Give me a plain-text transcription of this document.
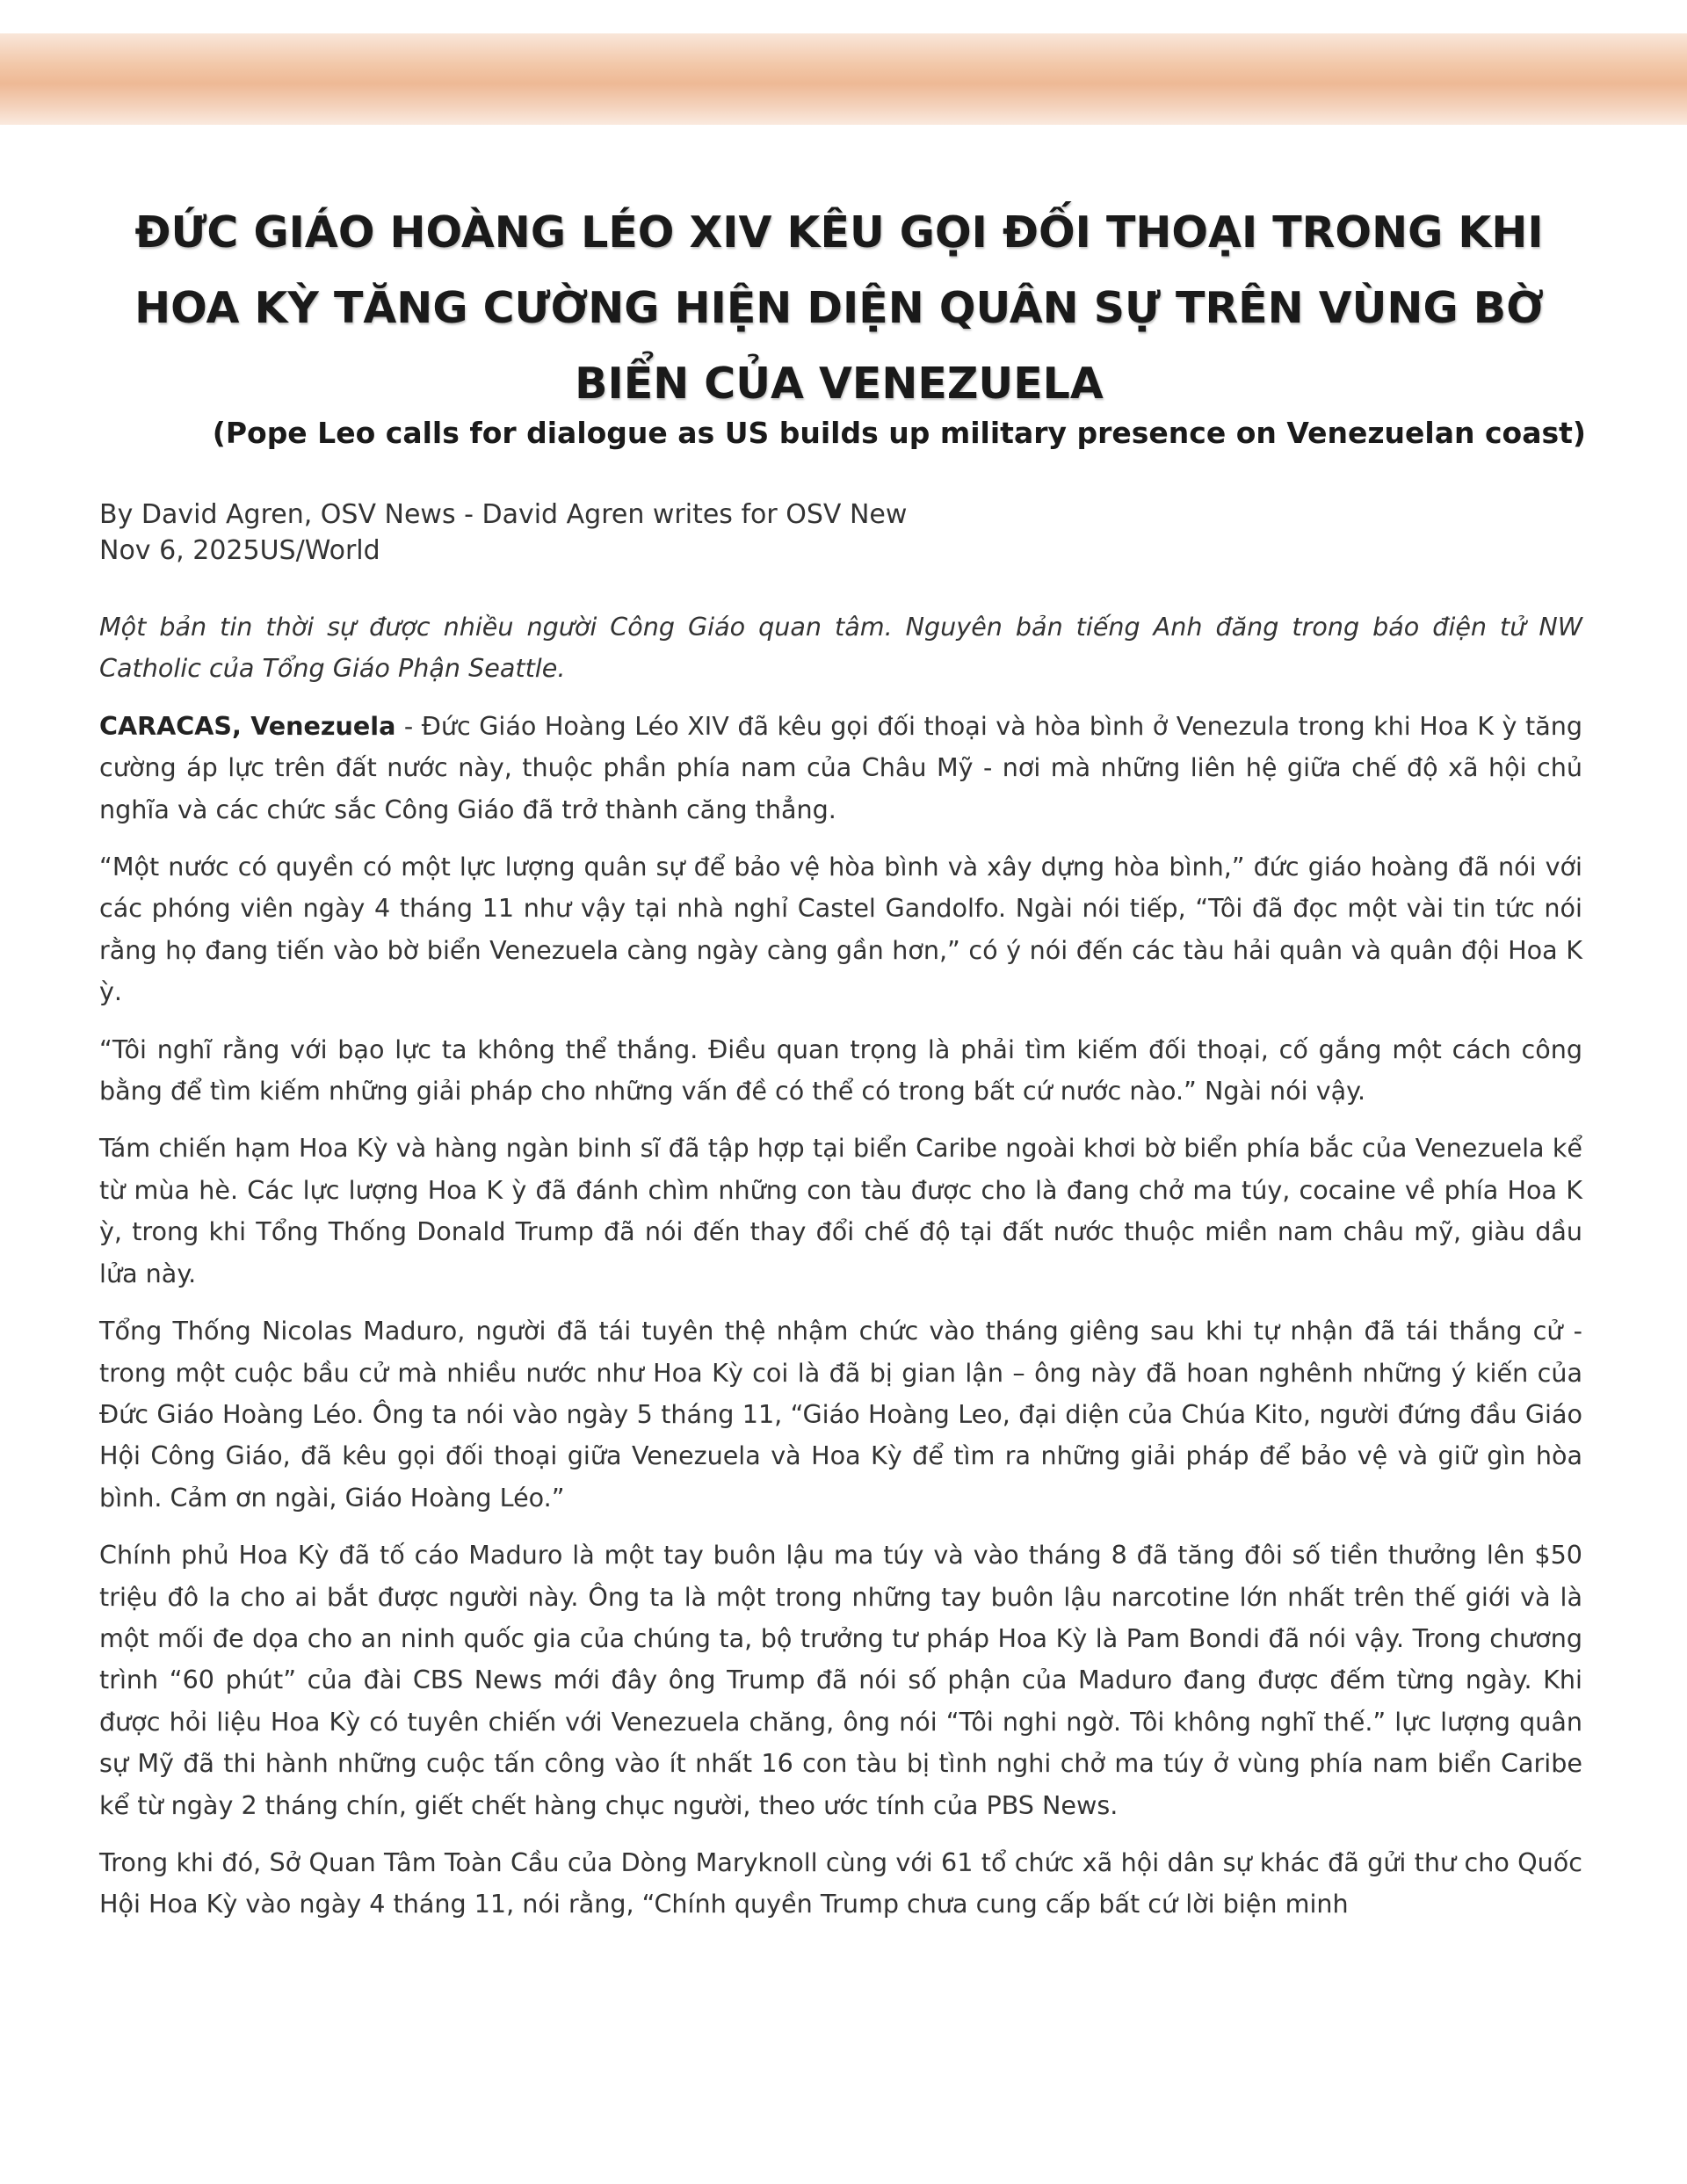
ĐỨC GIÁO HOÀNG LÉO XIV KÊU GỌI ĐỐI THOẠI TRONG KHI
HOA KỲ TĂNG CƯỜNG HIỆN DIỆN QUÂN SỰ TRÊN VÙNG BỜ
BIỂN CỦA VENEZUELA
(Pope Leo calls for dialogue as US builds up military presence on Venezuelan coast)
By David Agren, OSV News - David Agren writes for OSV New
Nov 6, 2025US/World

Một bản tin thời sự được nhiều người Công Giáo quan tâm. Nguyên bản tiếng Anh đăng trong báo điện tử NW Catholic của Tổng Giáo Phận Seattle.

CARACAS, Venezuela - Đức Giáo Hoàng Léo XIV đã kêu gọi đối thoại và hòa bình ở Venezula trong khi Hoa K ỳ tăng cường áp lực trên đất nước này, thuộc phần phía nam của Châu Mỹ - nơi mà những liên hệ giữa chế độ xã hội chủ nghĩa và các chức sắc Công Giáo đã trở thành căng thẳng.

“Một nước có quyền có một lực lượng quân sự để bảo vệ hòa bình và xây dựng hòa bình,” đức giáo hoàng đã nói với các phóng viên ngày 4 tháng 11 như vậy tại nhà nghỉ Castel Gandolfo. Ngài nói tiếp, “Tôi đã đọc một vài tin tức nói rằng họ đang tiến vào bờ biển Venezuela càng ngày càng gần hơn,” có ý nói đến các tàu hải quân và quân đội Hoa K ỳ.

“Tôi nghĩ rằng với bạo lực ta không thể thắng. Điều quan trọng là phải tìm kiếm đối thoại, cố gắng một cách công bằng để tìm kiếm những giải pháp cho những vấn đề có thể có trong bất cứ nước nào.” Ngài nói vậy.

Tám chiến hạm Hoa Kỳ và hàng ngàn binh sĩ đã tập hợp tại biển Caribe ngoài khơi bờ biển phía bắc của Venezuela kể từ mùa hè. Các lực lượng Hoa K ỳ đã đánh chìm những con tàu được cho là đang chở ma túy, cocaine về phía Hoa K ỳ, trong khi Tổng Thống Donald Trump đã nói đến thay đổi chế độ tại đất nước thuộc miền nam châu mỹ, giàu dầu lửa này.

Tổng Thống Nicolas Maduro, người đã tái tuyên thệ nhậm chức vào tháng giêng sau khi tự nhận đã tái thắng cử - trong một cuộc bầu cử mà nhiều nước như Hoa Kỳ coi là đã bị gian lận – ông này đã hoan nghênh những ý kiến của Đức Giáo Hoàng Léo. Ông ta nói vào ngày 5 tháng 11, “Giáo Hoàng Leo, đại diện của Chúa Kito, người đứng đầu Giáo Hội Công Giáo, đã kêu gọi đối thoại giữa Venezuela và Hoa Kỳ để tìm ra những giải pháp để bảo vệ và giữ gìn hòa bình. Cảm ơn ngài, Giáo Hoàng Léo.”

Chính phủ Hoa Kỳ đã tố cáo Maduro là một tay buôn lậu ma túy và vào tháng 8 đã tăng đôi số tiền thưởng lên $50 triệu đô la cho ai bắt được người này. Ông ta là một trong những tay buôn lậu narcotine lớn nhất trên thế giới và là một mối đe dọa cho an ninh quốc gia của chúng ta, bộ trưởng tư pháp Hoa Kỳ là Pam Bondi đã nói vậy. Trong chương trình “60 phút” của đài CBS News mới đây ông Trump đã nói số phận của Maduro đang được đếm từng ngày. Khi được hỏi liệu Hoa Kỳ có tuyên chiến với Venezuela chăng, ông nói “Tôi nghi ngờ. Tôi không nghĩ thế.” lực lượng quân sự Mỹ đã thi hành những cuộc tấn công vào ít nhất 16 con tàu bị tình nghi chở ma túy ở vùng phía nam biển Caribe kể từ ngày 2 tháng chín, giết chết hàng chục người, theo ước tính của PBS News.

Trong khi đó, Sở Quan Tâm Toàn Cầu của Dòng Maryknoll cùng với 61 tổ chức xã hội dân sự khác đã gửi thư cho Quốc Hội Hoa Kỳ vào ngày 4 tháng 11, nói rằng, “Chính quyền Trump chưa cung cấp bất cứ lời biện minh
